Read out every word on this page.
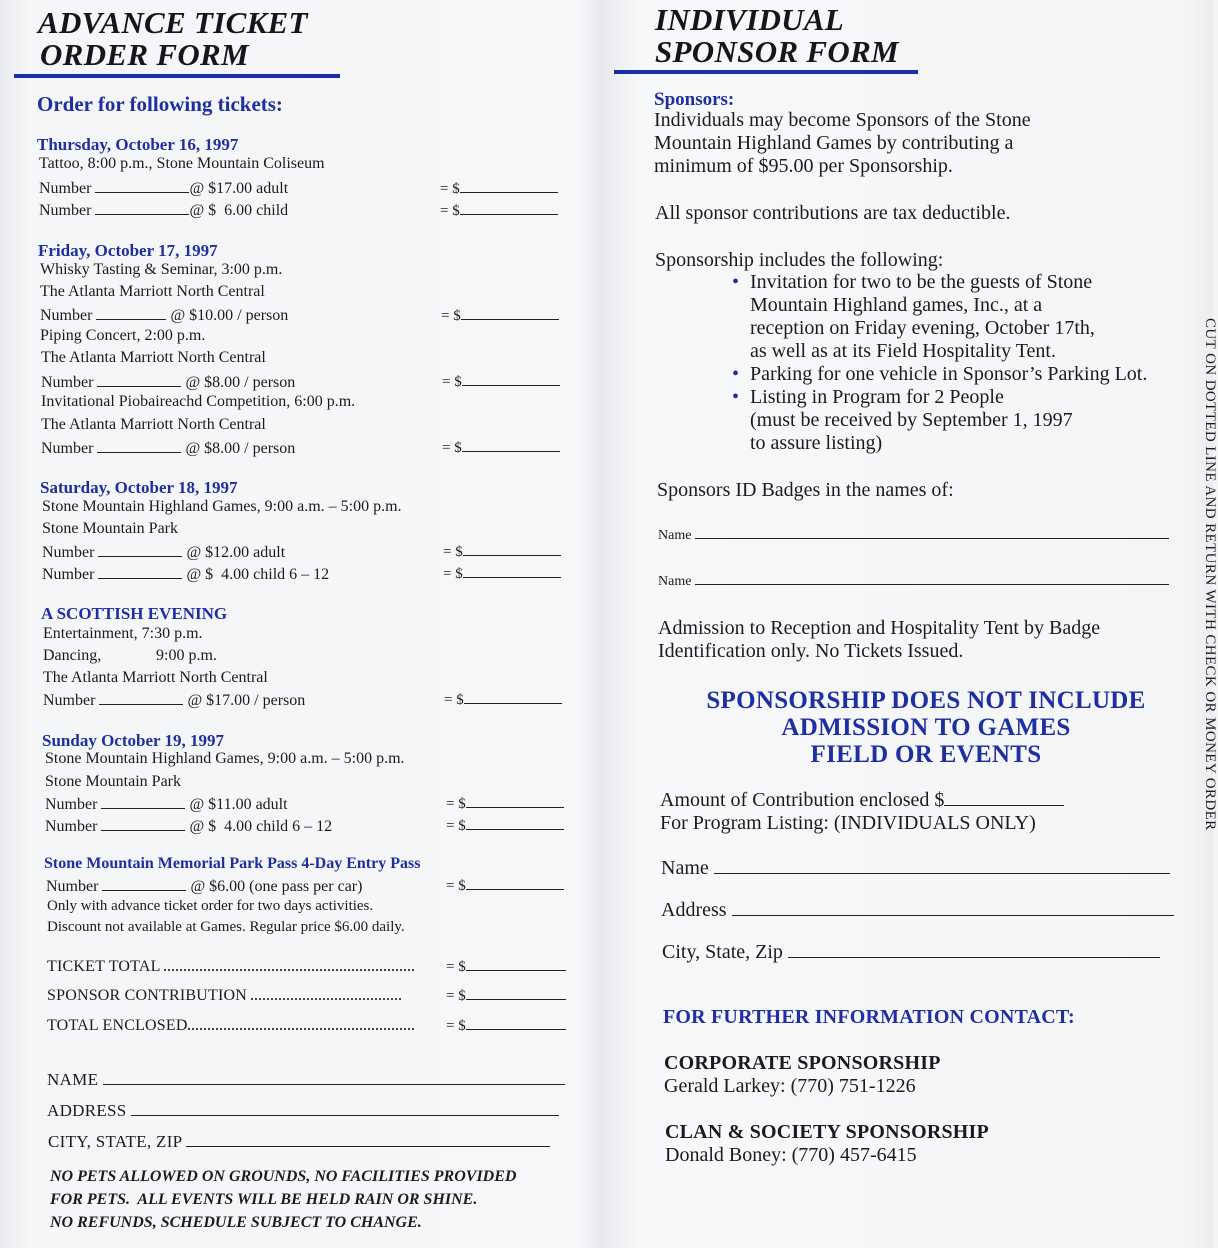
ADVANCE TICKET
ORDER FORM
Order for following tickets:
Thursday, October 16, 1997
Tattoo, 8:00 p.m., Stone Mountain Coliseum
Number	@ $17.00 adult	= $
Number	@ $  6.00 child	= $
Friday, October 17, 1997
Whisky Tasting & Seminar, 3:00 p.m.
The Atlanta Marriott North Central
Number	@ $10.00 / person	= $
Piping Concert, 2:00 p.m.
The Atlanta Marriott North Central
Number	@ $8.00 / person	= $
Invitational Piobaireachd Competition, 6:00 p.m.
The Atlanta Marriott North Central
Number	@ $8.00 / person	= $
Saturday, October 18, 1997
Stone Mountain Highland Games, 9:00 a.m. – 5:00 p.m.
Stone Mountain Park
Number	@ $12.00 adult	= $
Number	@ $  4.00 child 6 – 12	= $
A SCOTTISH EVENING
Entertainment, 7:30 p.m.
Dancing,	9:00 p.m.
The Atlanta Marriott North Central
Number	@ $17.00 / person	= $
Sunday October 19, 1997
Stone Mountain Highland Games, 9:00 a.m. – 5:00 p.m.
Stone Mountain Park
Number	@ $11.00 adult	= $
Number	@ $  4.00 child 6 – 12	= $
Stone Mountain Memorial Park Pass 4-Day Entry Pass
Number	@ $6.00 (one pass per car)	= $
Only with advance ticket order for two days activities.
Discount not available at Games. Regular price $6.00 daily.
TICKET TOTAL	= $
SPONSOR CONTRIBUTION	= $
TOTAL ENCLOSED	= $
NAME
ADDRESS
CITY, STATE, ZIP
NO PETS ALLOWED ON GROUNDS, NO FACILITIES PROVIDED
FOR PETS.  ALL EVENTS WILL BE HELD RAIN OR SHINE.
NO REFUNDS, SCHEDULE SUBJECT TO CHANGE.
INDIVIDUAL
SPONSOR FORM
Sponsors:
Individuals may become Sponsors of the Stone
Mountain Highland Games by contributing a
minimum of $95.00 per Sponsorship.
All sponsor contributions are tax deductible.
Sponsorship includes the following:
• Invitation for two to be the guests of Stone
Mountain Highland games, Inc., at a
reception on Friday evening, October 17th,
as well as at its Field Hospitality Tent.
• Parking for one vehicle in Sponsor’s Parking Lot.
• Listing in Program for 2 People
(must be received by September 1, 1997
to assure listing)
Sponsors ID Badges in the names of:
Name
Name
Admission to Reception and Hospitality Tent by Badge
Identification only. No Tickets Issued.
SPONSORSHIP DOES NOT INCLUDE
ADMISSION TO GAMES
FIELD OR EVENTS
Amount of Contribution enclosed $
For Program Listing: (INDIVIDUALS ONLY)
Name
Address
City, State, Zip
FOR FURTHER INFORMATION CONTACT:
CORPORATE SPONSORSHIP
Gerald Larkey: (770) 751-1226
CLAN & SOCIETY SPONSORSHIP
Donald Boney: (770) 457-6415
CUT ON DOTTED LINE AND RETURN WITH CHECK OR MONEY ORDER
